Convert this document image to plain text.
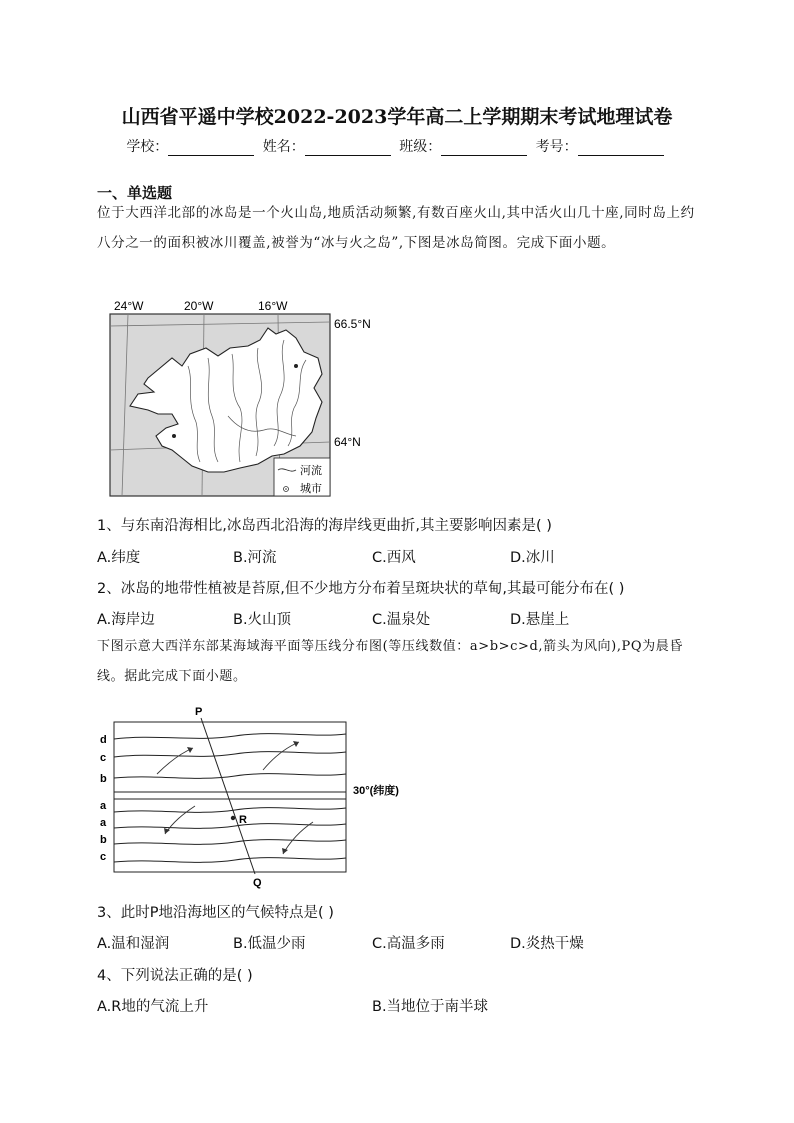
山西省平遥中学校2022-2023学年高二上学期期末考试地理试卷
学校：	姓名：	班级：	考号：
一、单选题
位于大西洋北部的冰岛是一个火山岛,地质活动频繁,有数百座火山,其中活火山几十座,同时岛上约八分之一的面积被冰川覆盖,被誉为“冰与火之岛”,下图是冰岛简图。完成下面小题。
24°W	20°W	16°W
河流
城市
66.5°N
64°N
1、与东南沿海相比,冰岛西北沿海的海岸线更曲折,其主要影响因素是( )
A.纬度	B.河流	C.西风	D.冰川
2、冰岛的地带性植被是苔原,但不少地方分布着呈斑块状的草甸,其最可能分布在( )
A.海岸边	B.火山顶	C.温泉处	D.悬崖上
下图示意大西洋东部某海域海平面等压线分布图(等压线数值：a>b>c>d,箭头为风向),PQ为晨昏线。据此完成下面小题。
P
Q
R
d
c
b
a
a
b
c
30°(纬度)
3、此时P地沿海地区的气候特点是( )
A.温和湿润	B.低温少雨	C.高温多雨	D.炎热干燥
4、下列说法正确的是( )
A.R地的气流上升	B.当地位于南半球
